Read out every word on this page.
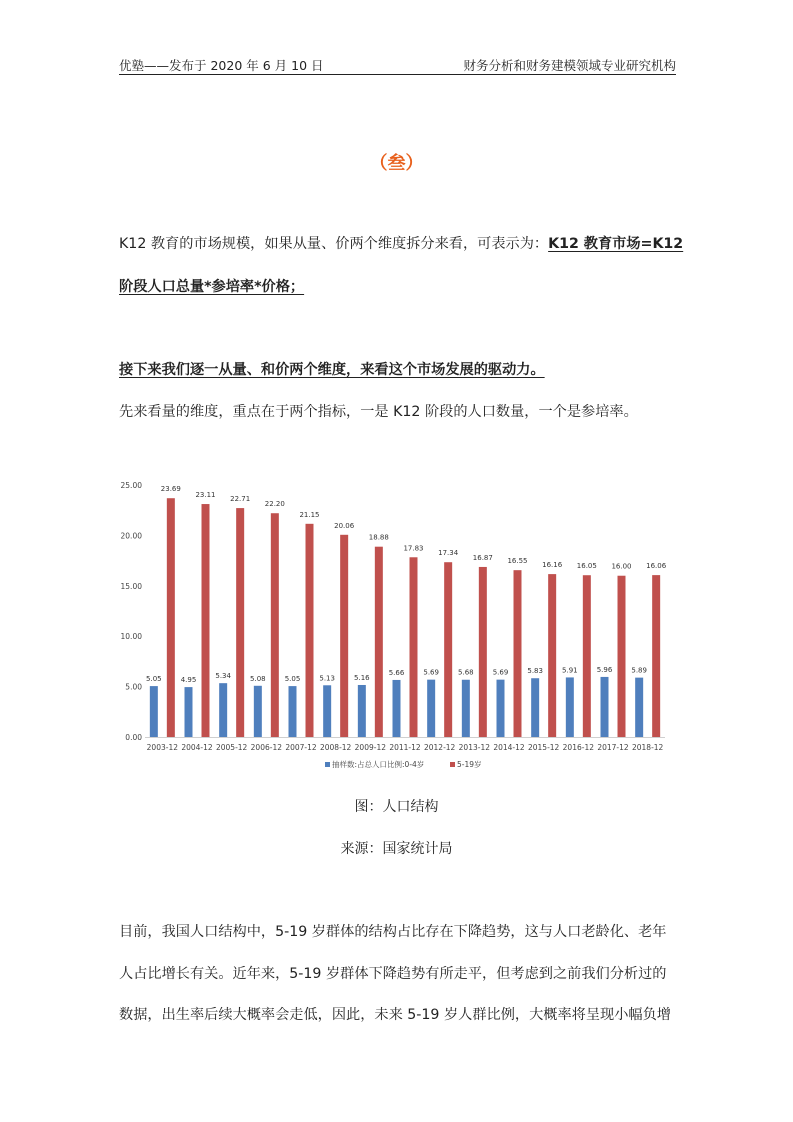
优塾——发布于 2020 年 6 月 10 日	财务分析和财务建模领域专业研究机构
（叁）
K12 教育的市场规模，如果从量、价两个维度拆分来看，可表示为：K12 教育市场=K12
阶段人口总量*参培率*价格；
接下来我们逐一从量、和价两个维度，来看这个市场发展的驱动力。
先来看量的维度，重点在于两个指标，一是 K12 阶段的人口数量，一个是参培率。
0.00
5.00
10.00
15.00
20.00
25.00
5.05
23.69
2003-12
4.95
23.11
2004-12
5.34
22.71
2005-12
5.08
22.20
2006-12
5.05
21.15
2007-12
5.13
20.06
2008-12
5.16
18.88
2009-12
5.66
17.83
2011-12
5.69
17.34
2012-12
5.68
16.87
2013-12
5.69
16.55
2014-12
5.83
16.16
2015-12
5.91
16.05
2016-12
5.96
16.00
2017-12
5.89
16.06
2018-12
抽样数:占总人口比例:0-4岁	5-19岁
图：人口结构
来源：国家统计局
目前，我国人口结构中，5-19 岁群体的结构占比存在下降趋势，这与人口老龄化、老年
人占比增长有关。近年来，5-19 岁群体下降趋势有所走平，但考虑到之前我们分析过的
数据，出生率后续大概率会走低，因此，未来 5-19 岁人群比例，大概率将呈现小幅负增
